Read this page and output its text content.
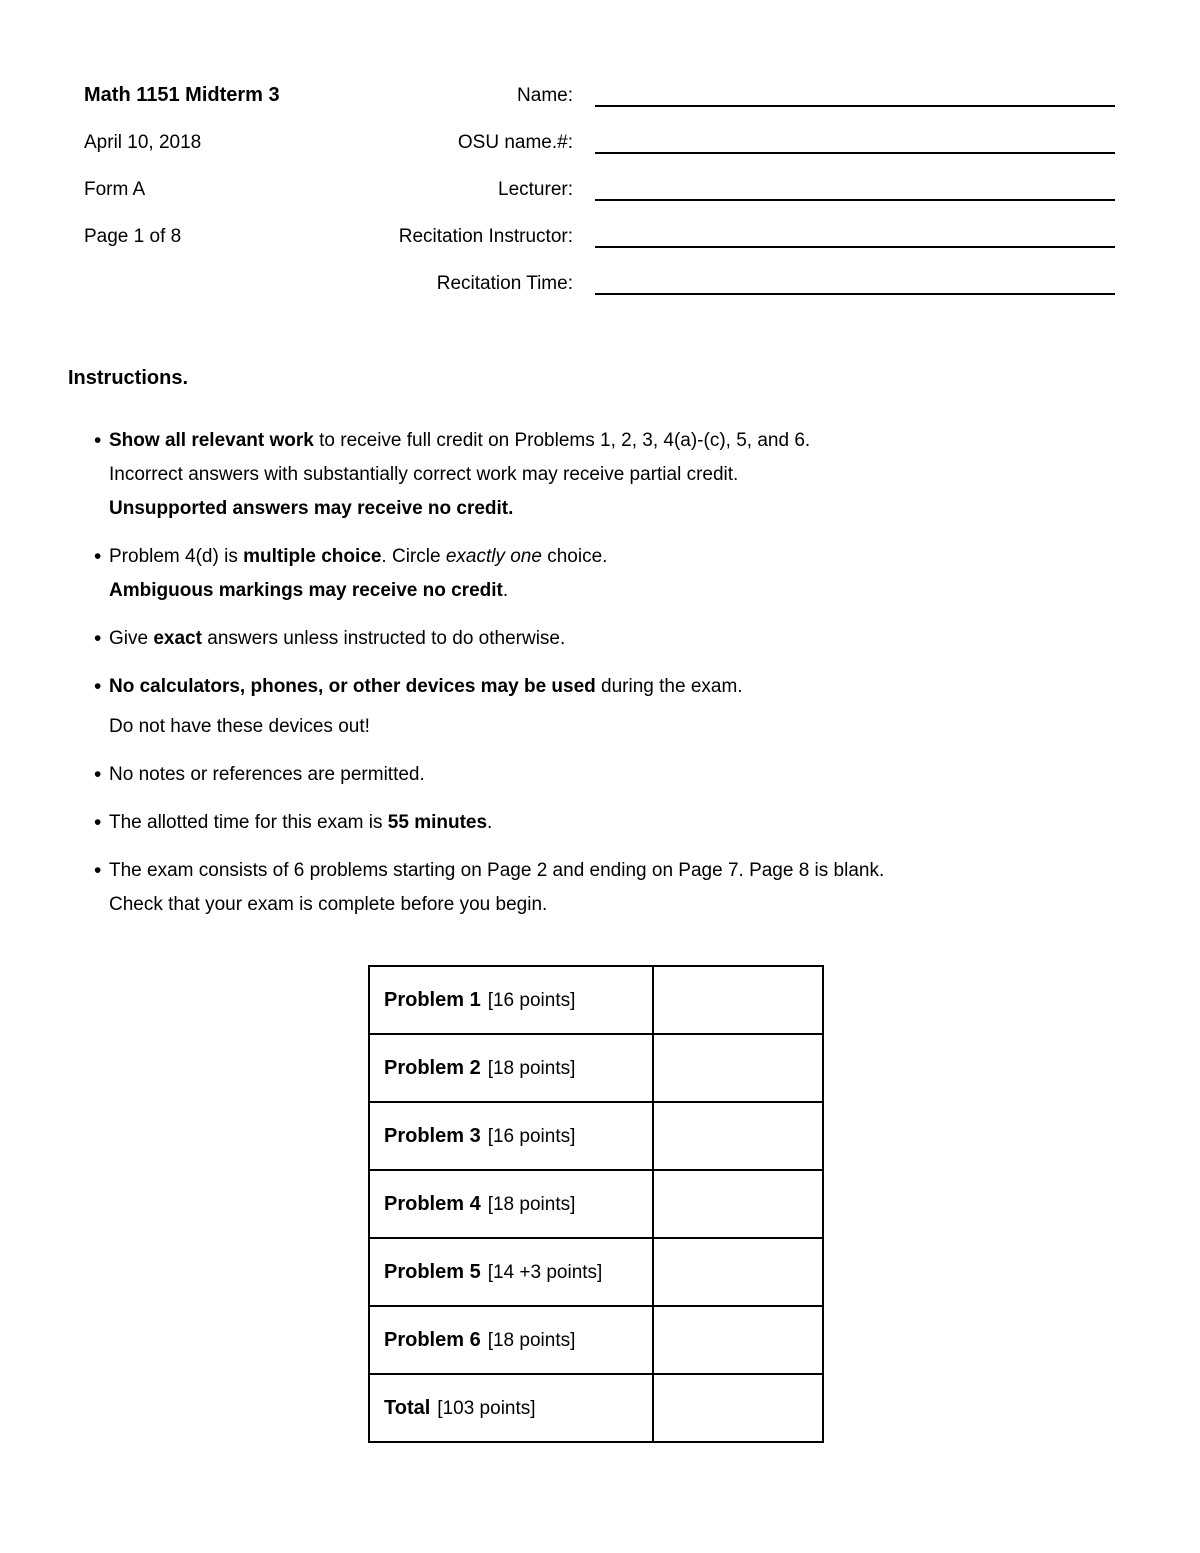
Math 1151 Midterm 3	Name:
April 10, 2018	OSU name.#:
Form A	Lecturer:
Page 1 of 8	Recitation Instructor:
Recitation Time:
Instructions.
• Show all relevant work to receive full credit on Problems 1, 2, 3, 4(a)-(c), 5, and 6.
Incorrect answers with substantially correct work may receive partial credit.
Unsupported answers may receive no credit.
• Problem 4(d) is multiple choice. Circle exactly one choice.
Ambiguous markings may receive no credit.
• Give exact answers unless instructed to do otherwise.
• No calculators, phones, or other devices may be used during the exam.
Do not have these devices out!
• No notes or references are permitted.
• The allotted time for this exam is 55 minutes.
• The exam consists of 6 problems starting on Page 2 and ending on Page 7. Page 8 is blank.
Check that your exam is complete before you begin.
Problem 1 [16 points]	
Problem 2 [18 points]	
Problem 3 [16 points]	
Problem 4 [18 points]	
Problem 5 [14 +3 points]	
Problem 6 [18 points]	
Total [103 points]	
